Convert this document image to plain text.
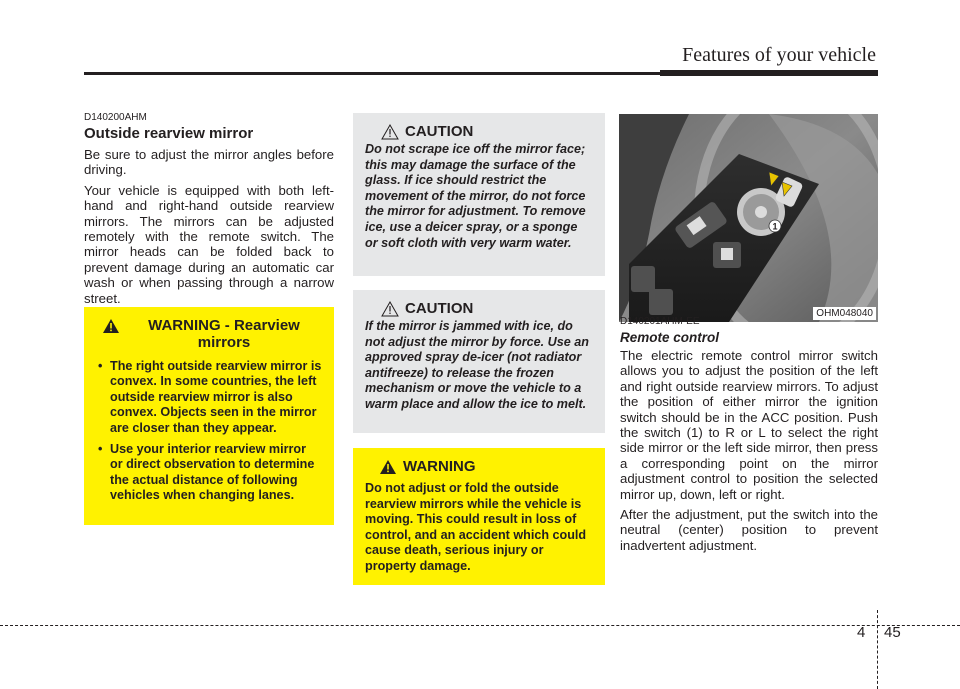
Features of your vehicle
D140200AHM
Outside rearview mirror

Be sure to adjust the mirror angles before driving.

Your vehicle is equipped with both left-hand and right-hand outside rearview mirrors. The mirrors can be adjusted remotely with the remote switch. The mirror heads can be folded back to prevent damage during an automatic car wash or when passing through a narrow street.

WARNING - Rearview mirrors
• The right outside rearview mirror is convex. In some countries, the left outside rearview mirror is also convex. Objects seen in the mirror are closer than they appear.
• Use your interior rearview mirror or direct observation to determine the actual distance of following vehicles when changing lanes.
CAUTION
Do not scrape ice off the mirror face; this may damage the surface of the glass. If ice should restrict the movement of the mirror, do not force the mirror for adjustment. To remove ice, use a deicer spray, or a sponge or soft cloth with very warm water.
CAUTION
If the mirror is jammed with ice, do not adjust the mirror by force. Use an approved spray de-icer (not radiator antifreeze) to release the frozen mechanism or move the vehicle to a warm place and allow the ice to melt.
WARNING
Do not adjust or fold the outside rearview mirrors while the vehicle is moving. This could result in loss of control, and an accident which could cause death, serious injury or property damage.
1
OHM048040
D140201AHM-EE
Remote control

The electric remote control mirror switch allows you to adjust the position of the left and right outside rearview mirrors. To adjust the position of either mirror the ignition switch should be in the ACC position. Push the switch (1) to R or L to select the right side mirror or the left side mirror, then press a corresponding point on the mirror adjustment control to position the selected mirror up, down, left or right.

After the adjustment, put the switch into the neutral (center) position to prevent inadvertent adjustment.

4 45
